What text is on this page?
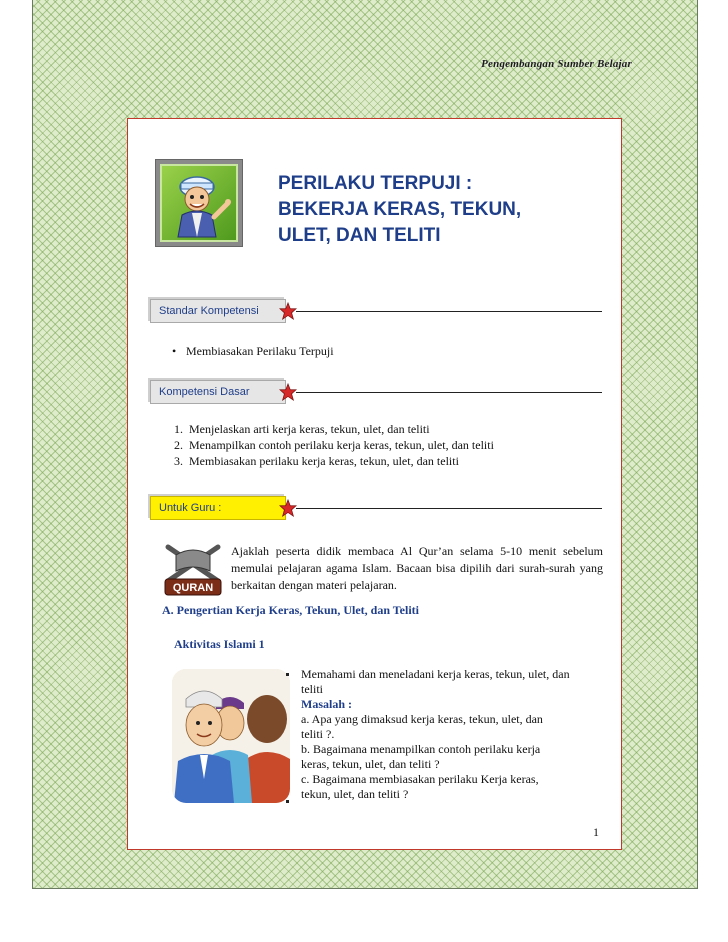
Pengembangan Sumber Belajar
PERILAKU TERPUJI :
BEKERJA KERAS, TEKUN,
ULET, DAN TELITI
Standar Kompetensi
• Membiasakan Perilaku Terpuji
Kompetensi Dasar
1. Menjelaskan arti kerja keras, tekun, ulet, dan teliti
2. Menampilkan contoh perilaku kerja keras, tekun, ulet, dan teliti
3. Membiasakan perilaku kerja keras, tekun, ulet, dan teliti
Untuk Guru :
QURAN
Ajaklah peserta didik membaca Al Qur’an selama 5-10 menit sebelum memulai pelajaran agama Islam. Bacaan bisa dipilih dari surah-surah yang berkaitan dengan materi pelajaran.
A. Pengertian Kerja Keras, Tekun, Ulet, dan Teliti
Aktivitas Islami 1
Memahami dan meneladani kerja keras, tekun, ulet, dan
teliti
Masalah :
a. Apa yang dimaksud kerja keras, tekun, ulet, dan
teliti ?.
b. Bagaimana menampilkan contoh perilaku kerja
keras, tekun, ulet, dan teliti ?
c. Bagaimana membiasakan perilaku Kerja keras,
tekun, ulet, dan teliti ?
1
